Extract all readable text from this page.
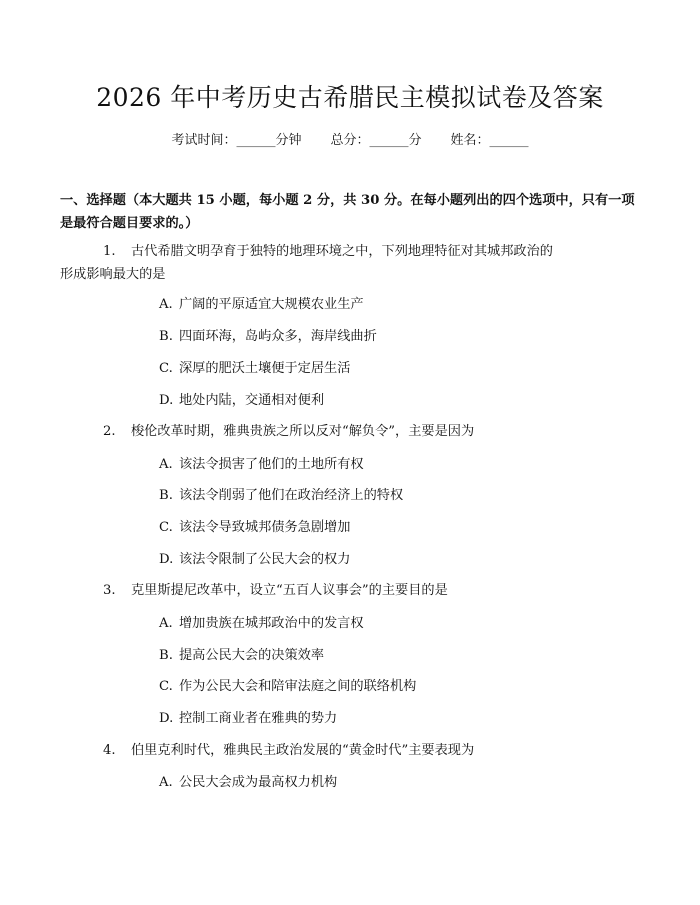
2026 年中考历史古希腊民主模拟试卷及答案
考试时间：______分钟 总分：______分 姓名：______
一、选择题（本大题共 15 小题，每小题 2 分，共 30 分。在每小题列出的四个选项中，只有一项是最符合题目要求的。）
1. 古代希腊文明孕育于独特的地理环境之中，下列地理特征对其城邦政治的
形成影响最大的是
A. 广阔的平原适宜大规模农业生产
B. 四面环海，岛屿众多，海岸线曲折
C. 深厚的肥沃土壤便于定居生活
D. 地处内陆，交通相对便利
2. 梭伦改革时期，雅典贵族之所以反对“解负令”，主要是因为
A. 该法令损害了他们的土地所有权
B. 该法令削弱了他们在政治经济上的特权
C. 该法令导致城邦债务急剧增加
D. 该法令限制了公民大会的权力
3. 克里斯提尼改革中，设立“五百人议事会”的主要目的是
A. 增加贵族在城邦政治中的发言权
B. 提高公民大会的决策效率
C. 作为公民大会和陪审法庭之间的联络机构
D. 控制工商业者在雅典的势力
4. 伯里克利时代，雅典民主政治发展的“黄金时代”主要表现为
A. 公民大会成为最高权力机构
